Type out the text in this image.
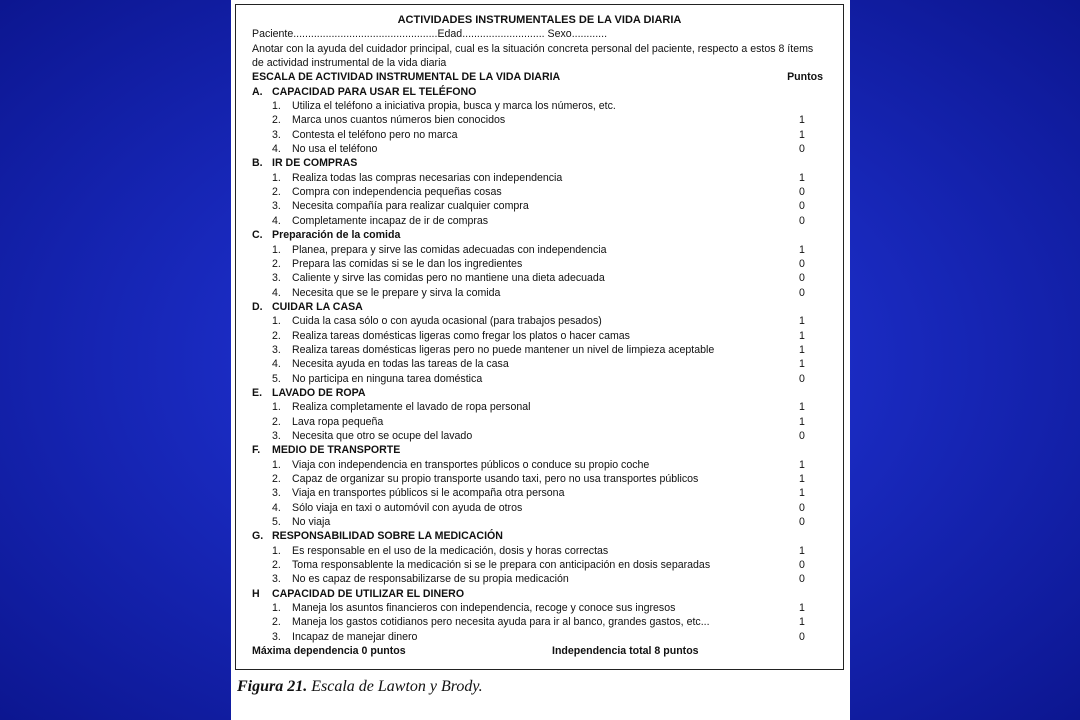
ACTIVIDADES INSTRUMENTALES DE LA VIDA DIARIA
Paciente.................................................Edad............................ Sexo............
Anotar con la ayuda del cuidador principal, cual es la situación concreta personal del paciente, respecto a estos 8 ítems de actividad instrumental de la vida diaria
ESCALA DE ACTIVIDAD INSTRUMENTAL DE LA VIDA DIARIA	Puntos
A. CAPACIDAD PARA USAR EL TELÉFONO
1.	Utiliza el teléfono a iniciativa propia, busca y marca los números, etc.
2.	Marca unos cuantos números bien conocidos	1
3.	Contesta el teléfono pero no marca	1
4.	No usa el teléfono	0
B. IR DE COMPRAS
1.	Realiza todas las compras necesarias con independencia	1
2.	Compra con independencia pequeñas cosas	0
3.	Necesita compañía para realizar cualquier compra	0
4.	Completamente incapaz de ir de compras	0
C. Preparación de la comida
1.	Planea, prepara y sirve las comidas adecuadas con independencia	1
2.	Prepara las comidas si se le dan los ingredientes	0
3.	Caliente y sirve las comidas pero no mantiene una dieta adecuada	0
4.	Necesita que se le prepare y sirva la comida	0
D. CUIDAR LA CASA
1.	Cuida la casa sólo o con ayuda ocasional (para trabajos pesados)	1
2.	Realiza tareas domésticas ligeras como fregar los platos o hacer camas	1
3.	Realiza tareas domésticas ligeras pero no puede mantener un nivel de limpieza aceptable	1
4.	Necesita ayuda en todas las tareas de la casa	1
5.	No participa en ninguna tarea doméstica	0
E. LAVADO DE ROPA
1.	Realiza completamente el lavado de ropa personal	1
2.	Lava ropa pequeña	1
3.	Necesita que otro se ocupe del lavado	0
F. MEDIO DE TRANSPORTE
1.	Viaja con independencia en transportes públicos o conduce su propio coche	1
2.	Capaz de organizar su propio transporte usando taxi, pero no usa transportes públicos	1
3.	Viaja en transportes públicos si le acompaña otra persona	1
4.	Sólo viaja en taxi o automóvil con ayuda de otros	0
5.	No viaja	0
G. RESPONSABILIDAD SOBRE LA MEDICACIÓN
1.	Es responsable en el uso de la medicación, dosis y horas correctas	1
2.	Toma responsablente la medicación si se le prepara con anticipación en dosis separadas	0
3.	No es capaz de responsabilizarse de su propia medicación	0
H CAPACIDAD DE UTILIZAR EL DINERO
1.	Maneja los asuntos financieros con independencia, recoge y conoce sus ingresos	1
2.	Maneja los gastos cotidianos pero necesita ayuda para ir al banco, grandes gastos, etc...	1
3.	Incapaz de manejar dinero	0
Máxima dependencia 0 puntos	Independencia total 8 puntos
Figura 21. Escala de Lawton y Brody.
